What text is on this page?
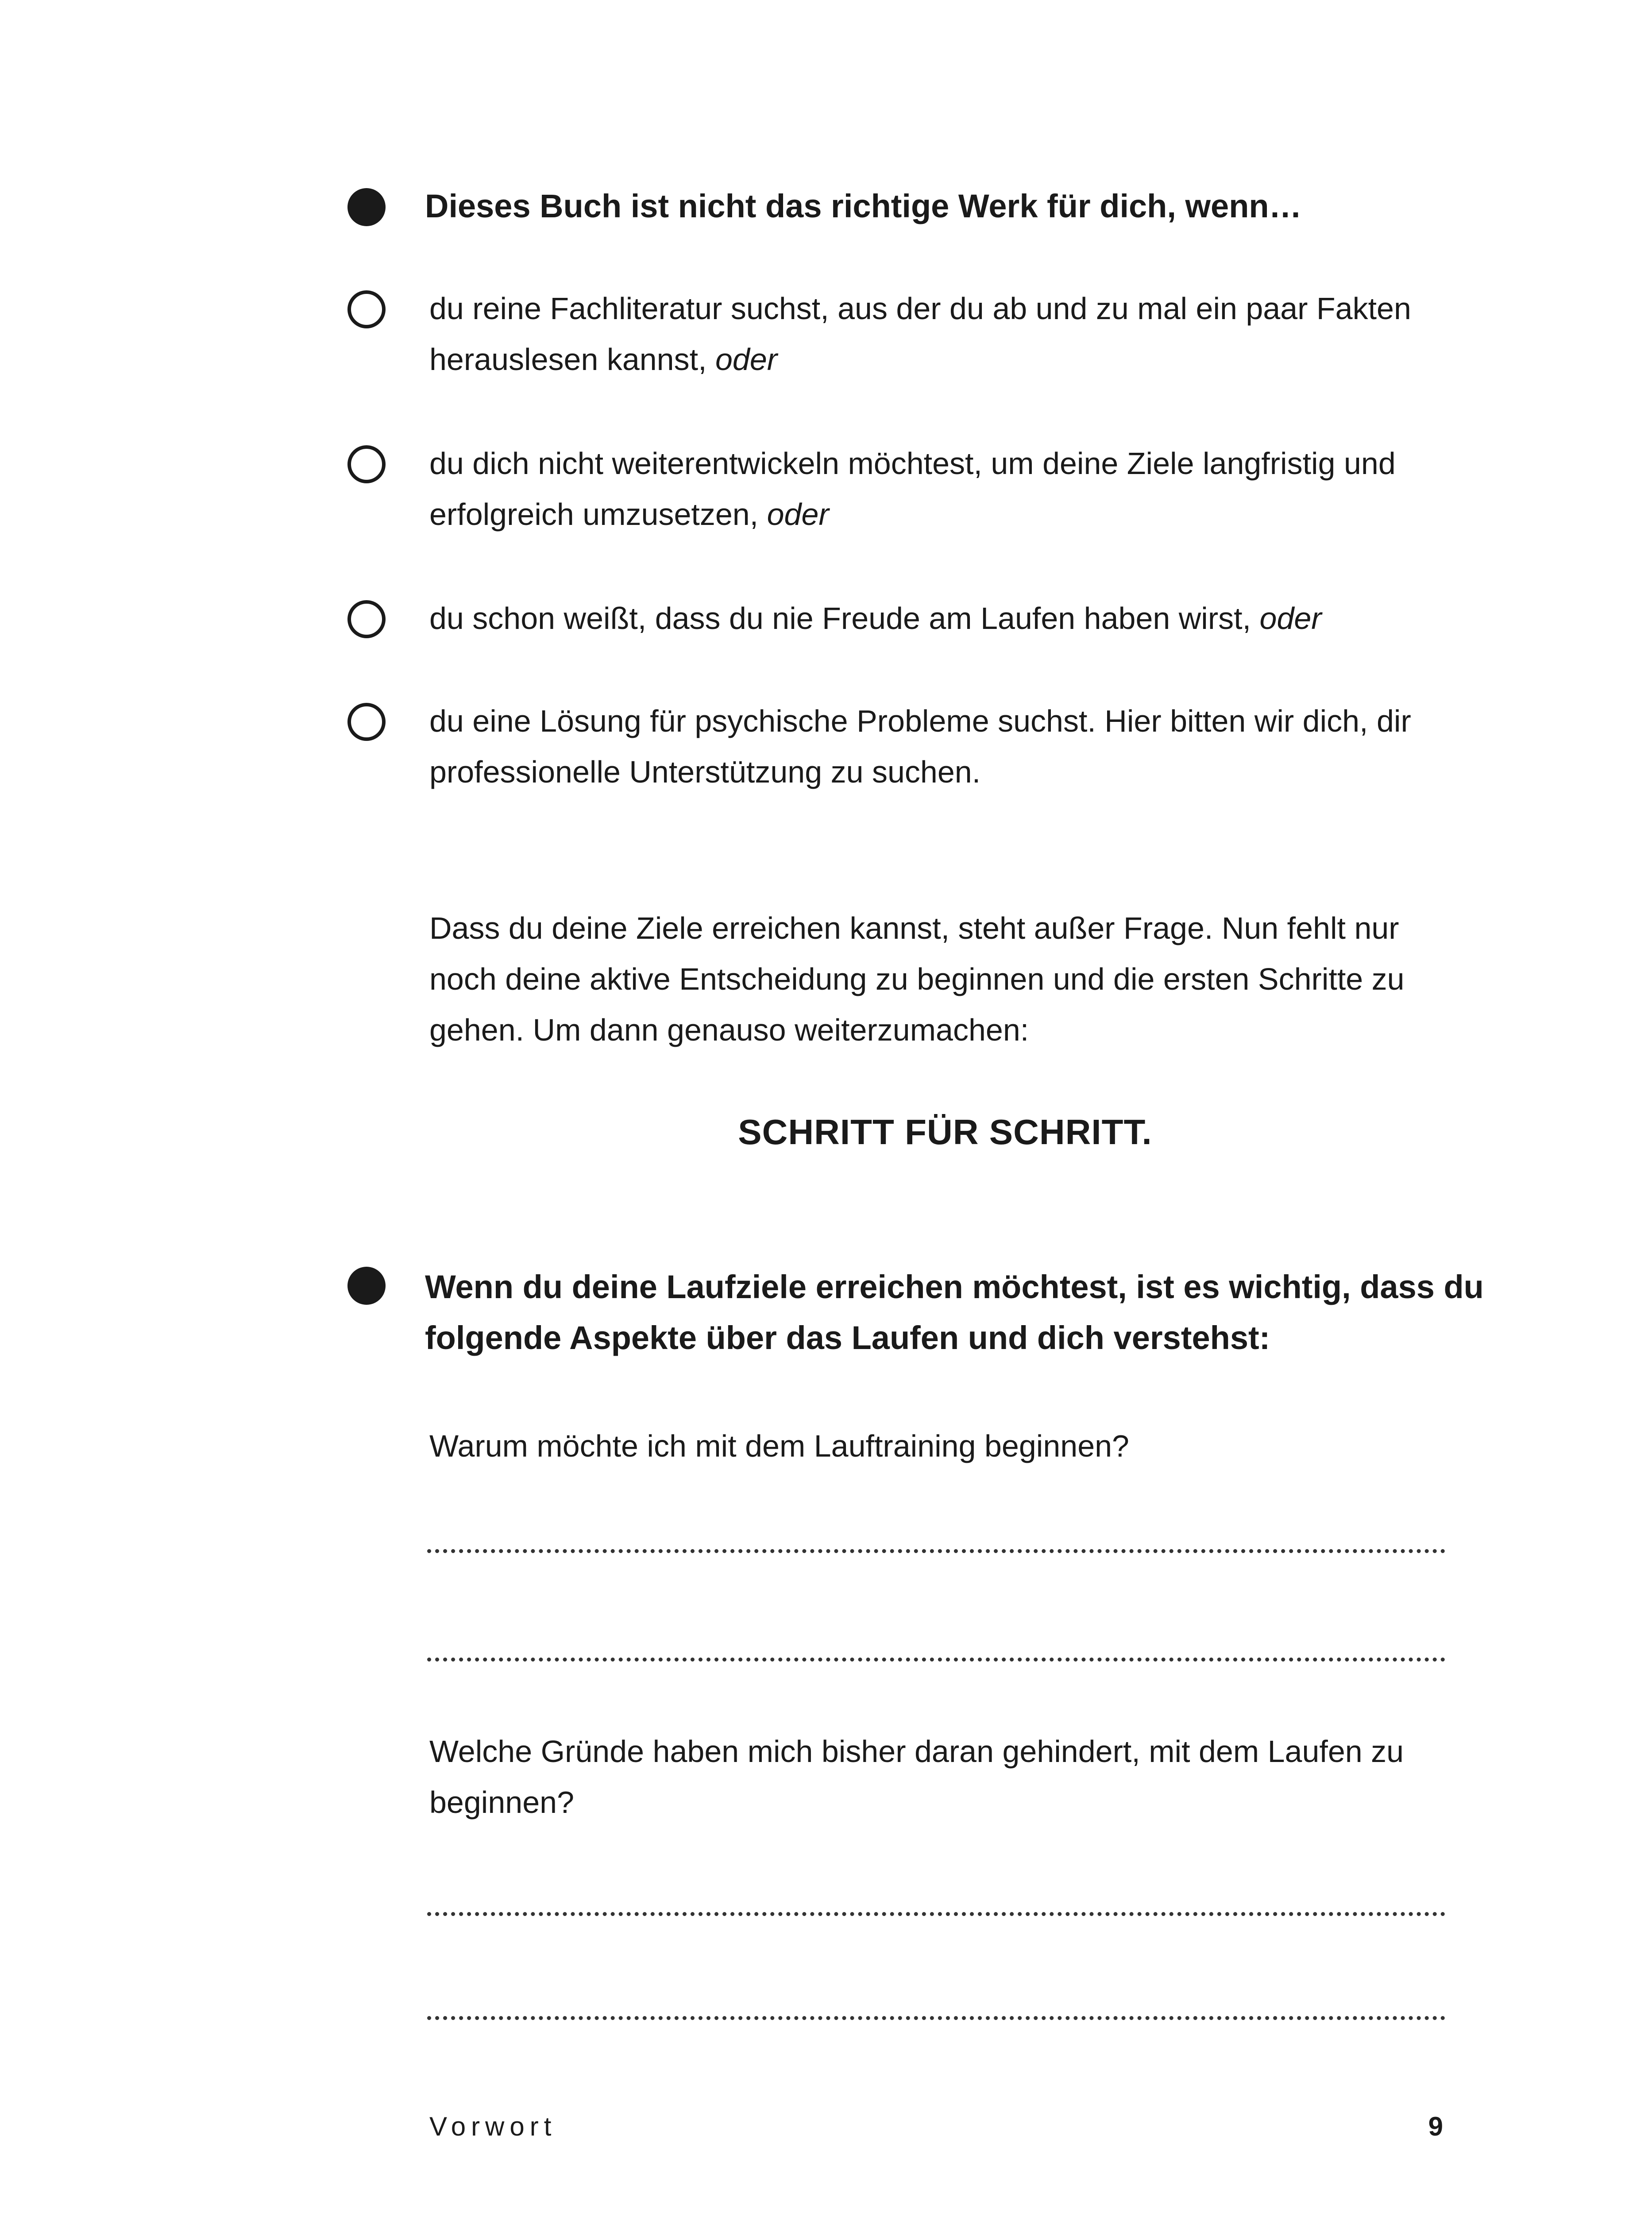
Dieses Buch ist nicht das richtige Werk für dich, wenn…
du reine Fachliteratur suchst, aus der du ab und zu mal ein paar Fakten herauslesen kannst, oder
du dich nicht weiterentwickeln möchtest, um deine Ziele langfristig und erfolgreich umzusetzen, oder
du schon weißt, dass du nie Freude am Laufen haben wirst, oder
du eine Lösung für psychische Probleme suchst. Hier bitten wir dich, dir professionelle Unterstützung zu suchen.
Dass du deine Ziele erreichen kannst, steht außer Frage. Nun fehlt nur noch deine aktive Entscheidung zu beginnen und die ersten Schritte zu gehen. Um dann genauso weiterzumachen:
SCHRITT FÜR SCHRITT.
Wenn du deine Laufziele erreichen möchtest, ist es wichtig, dass du folgende Aspekte über das Laufen und dich verstehst:
Warum möchte ich mit dem Lauftraining beginnen?
Welche Gründe haben mich bisher daran gehindert, mit dem Laufen zu beginnen?
Vorwort	9
